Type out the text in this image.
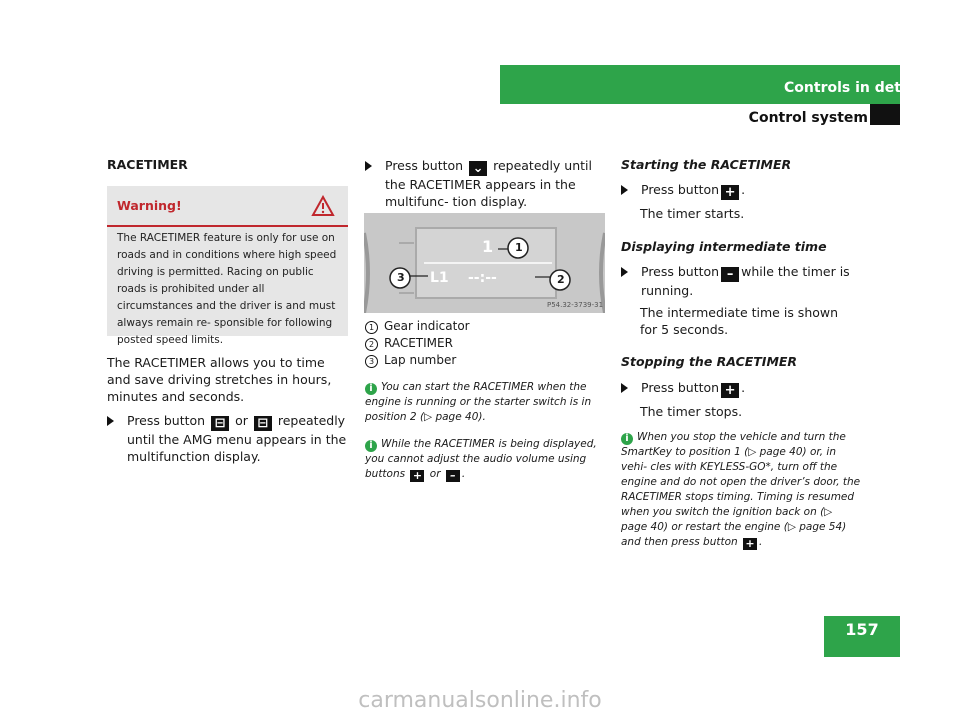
Controls in detail
Control system
RACETIMER
Warning!
The RACETIMER feature is only for use on roads and in conditions where high speed driving is permitted. Racing on public roads is prohibited under all circumstances and the driver is and must always remain re- sponsible for following posted speed limits.
The RACETIMER allows you to time and save driving stretches in hours, minutes and seconds.
Press button ⊟ or ⊟ repeatedly until the AMG menu appears in the multifunction display.
Press button ⌄ repeatedly until the RACETIMER appears in the multifunc- tion display.
1
L1 --:--
1
2
3
P54.32-3739-31
1 Gear indicator
2 RACETIMER
3 Lap number
i You can start the RACETIMER when the engine is running or the starter switch is in position 2 (▷ page 40).
i While the RACETIMER is being displayed, you cannot adjust the audio volume using buttons + or – .
Starting the RACETIMER
Press button + .
The timer starts.
Displaying intermediate time
Press button – while the timer is running.
The intermediate time is shown for 5 seconds.
Stopping the RACETIMER
Press button + .
The timer stops.
i When you stop the vehicle and turn the SmartKey to position 1 (▷ page 40) or, in vehi- cles with KEYLESS-GO*, turn off the engine and do not open the driver’s door, the RACETIMER stops timing. Timing is resumed when you switch the ignition back on (▷ page 40) or restart the engine (▷ page 54) and then press button + .
157
carmanualsonline.info
